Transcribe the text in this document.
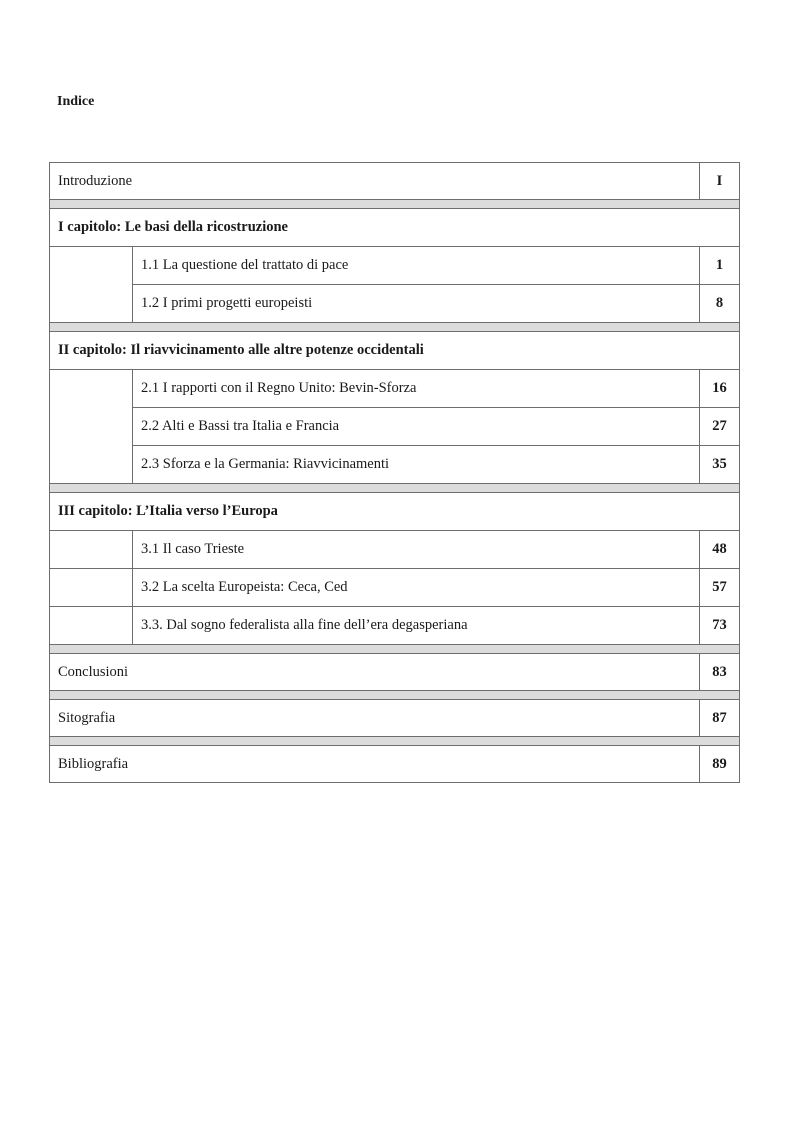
Indice
Introduzione		I

I capitolo: Le basi della ricostruzione		
	1.1 La questione del trattato di pace	1
	1.2 I primi progetti europeisti	8

II capitolo: Il riavvicinamento alle altre potenze occidentali		
	2.1 I rapporti con il Regno Unito: Bevin-Sforza	16
	2.2 Alti e Bassi tra Italia e Francia	27
	2.3 Sforza e la Germania: Riavvicinamenti	35

III capitolo: L’Italia verso l’Europa		
	3.1 Il caso Trieste	48
	3.2 La scelta Europeista: Ceca, Ced	57
	3.3. Dal sogno federalista alla fine dell’era degasperiana	73

Conclusioni		83

Sitografia		87

Bibliografia		89
